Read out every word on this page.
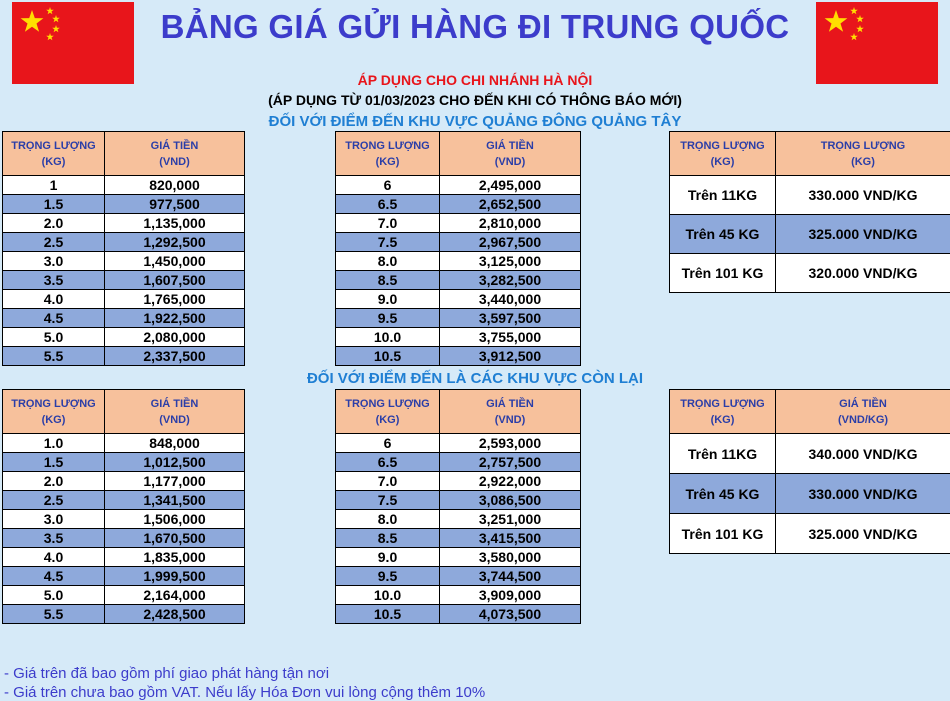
BẢNG GIÁ GỬI HÀNG ĐI TRUNG QUỐC
ÁP DỤNG CHO CHI NHÁNH HÀ NỘI
(ÁP DỤNG TỪ 01/03/2023 CHO ĐẾN KHI CÓ THÔNG BÁO MỚI)
ĐỐI VỚI ĐIỂM ĐẾN KHU VỰC QUẢNG ĐÔNG QUẢNG TÂY
TRỌNG LƯỢNG
(KG)	GIÁ TIỀN
(VND)
1	820,000
1.5	977,500
2.0	1,135,000
2.5	1,292,500
3.0	1,450,000
3.5	1,607,500
4.0	1,765,000
4.5	1,922,500
5.0	2,080,000
5.5	2,337,500
TRỌNG LƯỢNG
(KG)	GIÁ TIỀN
(VND)
6	2,495,000
6.5	2,652,500
7.0	2,810,000
7.5	2,967,500
8.0	3,125,000
8.5	3,282,500
9.0	3,440,000
9.5	3,597,500
10.0	3,755,000
10.5	3,912,500
TRỌNG LƯỢNG
(KG)	TRỌNG LƯỢNG
(KG)
Trên 11KG	330.000 VND/KG
Trên 45 KG	325.000 VND/KG
Trên 101 KG	320.000 VND/KG
ĐỐI VỚI ĐIỂM ĐẾN LÀ CÁC KHU VỰC CÒN LẠI
TRỌNG LƯỢNG
(KG)	GIÁ TIỀN
(VND)
1.0	848,000
1.5	1,012,500
2.0	1,177,000
2.5	1,341,500
3.0	1,506,000
3.5	1,670,500
4.0	1,835,000
4.5	1,999,500
5.0	2,164,000
5.5	2,428,500
TRỌNG LƯỢNG
(KG)	GIÁ TIỀN
(VND)
6	2,593,000
6.5	2,757,500
7.0	2,922,000
7.5	3,086,500
8.0	3,251,000
8.5	3,415,500
9.0	3,580,000
9.5	3,744,500
10.0	3,909,000
10.5	4,073,500
TRỌNG LƯỢNG
(KG)	GIÁ TIỀN
(VND/KG)
Trên 11KG	340.000 VND/KG
Trên 45 KG	330.000 VND/KG
Trên 101 KG	325.000 VND/KG
- Giá trên đã bao gồm phí giao phát hàng tận nơi
- Giá trên chưa bao gồm VAT. Nếu lấy Hóa Đơn vui lòng cộng thêm 10%
